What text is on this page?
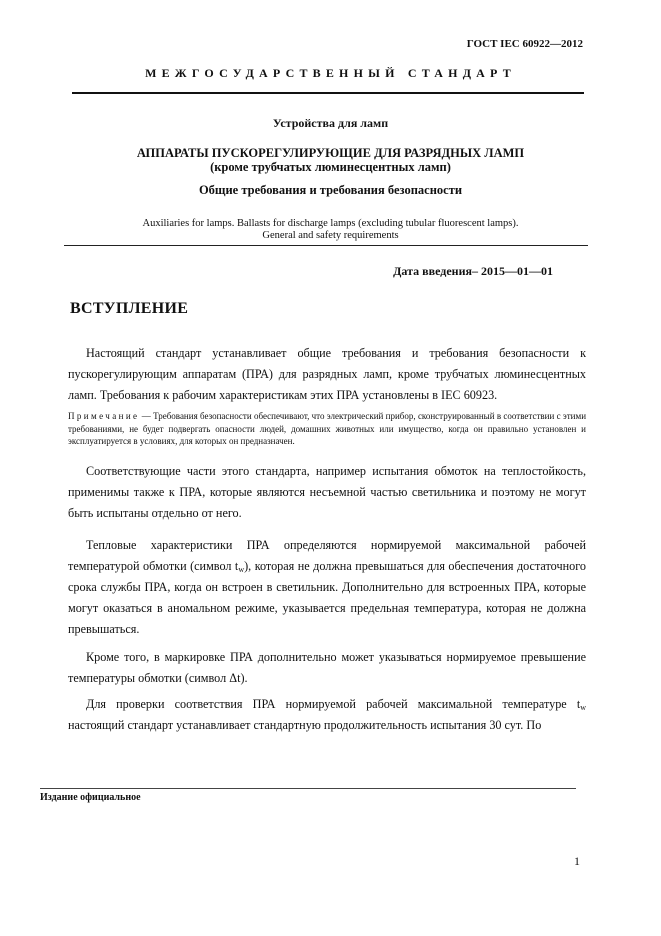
ГОСТ IEC 60922—2012
МЕЖГОСУДАРСТВЕННЫЙ СТАНДАРТ
Устройства для ламп
АППАРАТЫ ПУСКОРЕГУЛИРУЮЩИЕ ДЛЯ РАЗРЯДНЫХ ЛАМП
(кроме трубчатых люминесцентных ламп)
Общие требования и требования безопасности
Auxiliaries for lamps. Ballasts for discharge lamps (excluding tubular fluorescent lamps).
General and safety requirements
Дата введения– 2015—01—01
ВСТУПЛЕНИЕ
Настоящий стандарт устанавливает общие требования и требования безопасности к пускорегулирующим аппаратам (ПРА) для разрядных ламп, кроме трубчатых люминесцентных ламп. Требования к рабочим характеристикам этих ПРА установлены в IEC 60923.
Примечание — Требования безопасности обеспечивают, что электрический прибор, сконструированный в соответствии с этими требованиями, не будет подвергать опасности людей, домашних животных или имущество, когда он правильно установлен и эксплуатируется в условиях, для которых он предназначен.
Соответствующие части этого стандарта, например испытания обмоток на теплостойкость, применимы также к ПРА, которые являются несъемной частью светильника и поэтому не могут быть испытаны отдельно от него.
Тепловые характеристики ПРА определяются нормируемой максимальной рабочей температурой обмотки (символ $t_w$), которая не должна превышаться для обеспечения достаточного срока службы ПРА, когда он встроен в светильник. Дополнительно для встроенных ПРА, которые могут оказаться в аномальном режиме, указывается предельная температура, которая не должна превышаться.
Кроме того, в маркировке ПРА дополнительно может указываться нормируемое превышение температуры обмотки (символ Δt).
Для проверки соответствия ПРА нормируемой рабочей максимальной температуре $t_w$ настоящий стандарт устанавливает стандартную продолжительность испытания 30 сут. По
Издание официальное
1
